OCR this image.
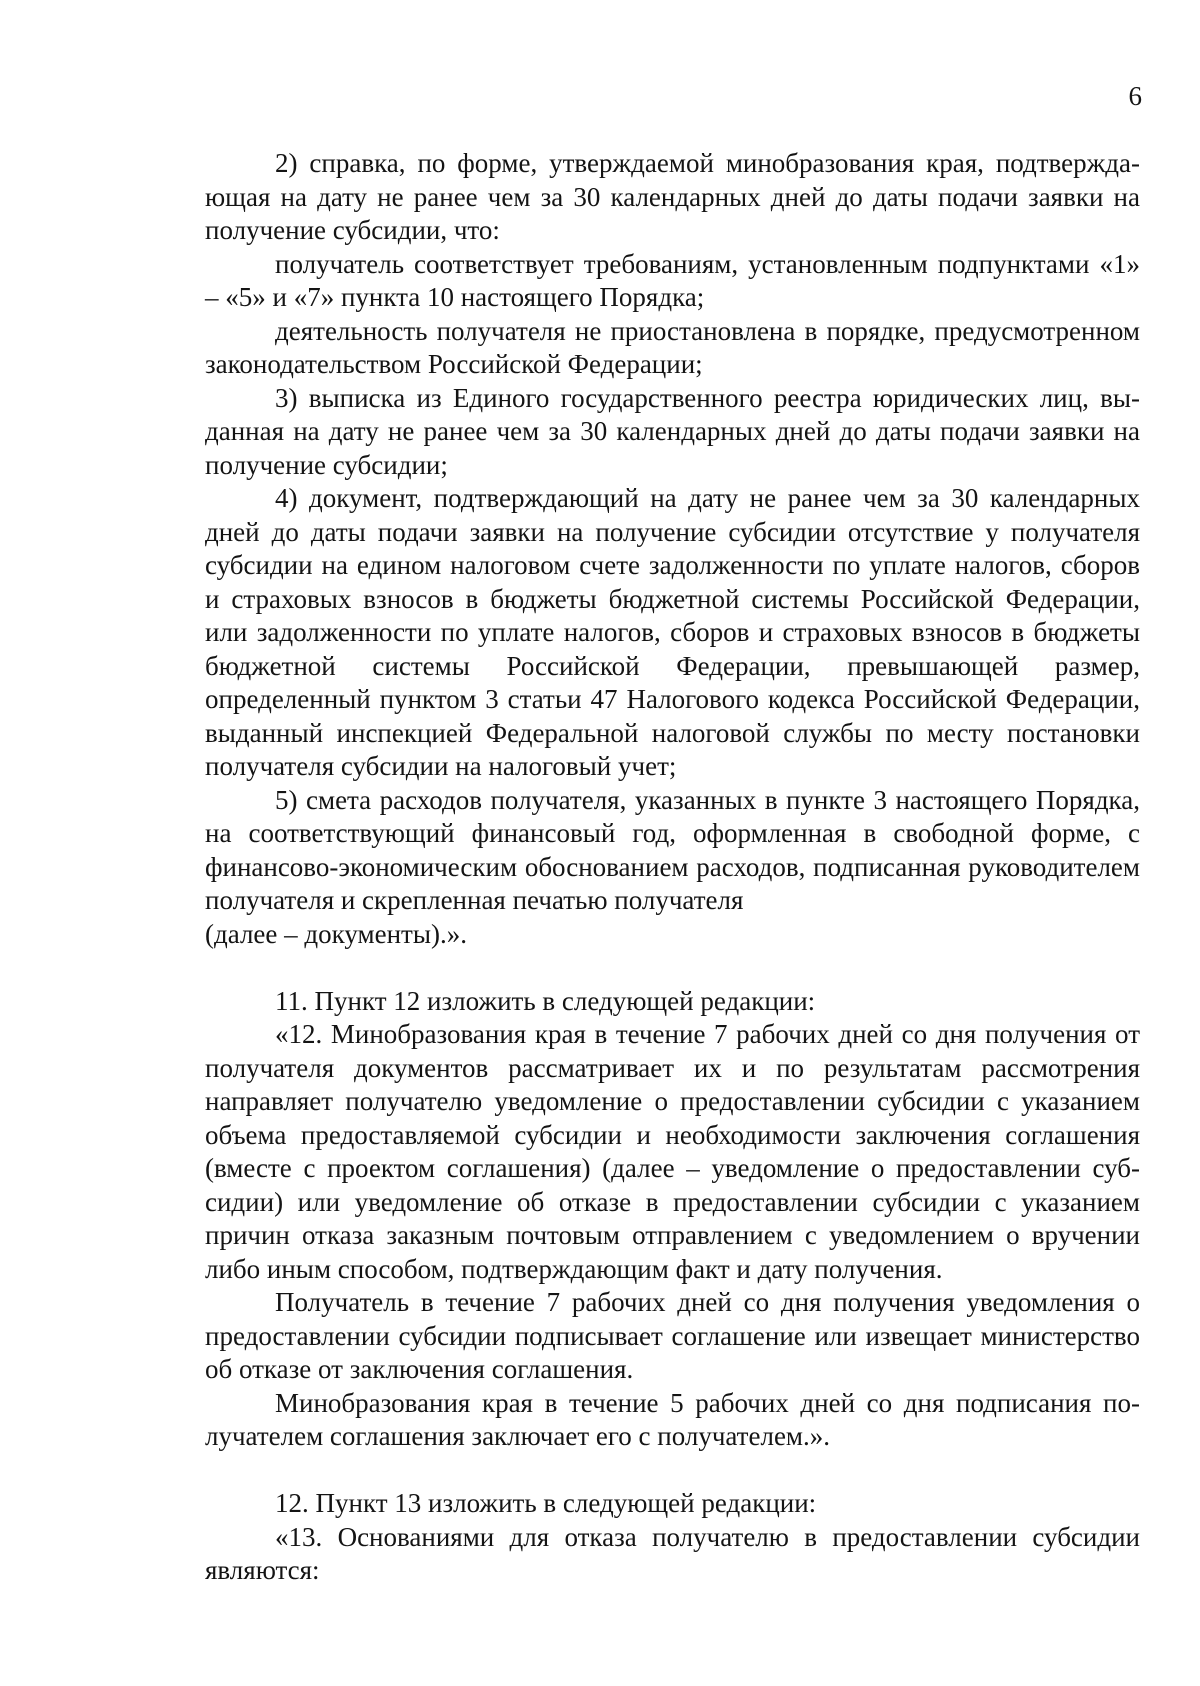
6

2) справка, по форме, утверждаемой минобразования края, подтверждающая на дату не ранее чем за 30 календарных дней до даты подачи заявки на получение субсидии, что:

получатель соответствует требованиям, установленным подпунктами «1» – «5» и «7» пункта 10 настоящего Порядка;

деятельность получателя не приостановлена в порядке, предусмотренном законодательством Российской Федерации;

3) выписка из Единого государственного реестра юридических лиц, выданная на дату не ранее чем за 30 календарных дней до даты подачи заявки на получение субсидии;

4) документ, подтверждающий на дату не ранее чем за 30 календарных дней до даты подачи заявки на получение субсидии отсутствие у получателя субсидии на едином налоговом счете задолженности по уплате налогов, сборов и страховых взносов в бюджеты бюджетной системы Российской Федерации, или задолженности по уплате налогов, сборов и страховых взносов в бюджеты бюджетной системы Российской Федерации, превышающей размер, определенный пунктом 3 статьи 47 Налогового кодекса Российской Федерации, выданный инспекцией Федеральной налоговой службы по месту постановки получателя субсидии на налоговый учет;

5) смета расходов получателя, указанных в пункте 3 настоящего Порядка, на соответствующий финансовый год, оформленная в свободной форме, с финансово-экономическим обоснованием расходов, подписанная руководителем получателя и скрепленная печатью получателя

(далее – документы).».

11. Пункт 12 изложить в следующей редакции:

«12. Минобразования края в течение 7 рабочих дней со дня получения от получателя документов рассматривает их и по результатам рассмотрения направляет получателю уведомление о предоставлении субсидии с указанием объема предоставляемой субсидии и необходимости заключения соглашения (вместе с проектом соглашения) (далее – уведомление о предоставлении субсидии) или уведомление об отказе в предоставлении субсидии с указанием причин отказа заказным почтовым отправлением с уведомлением о вручении либо иным способом, подтверждающим факт и дату получения.

Получатель в течение 7 рабочих дней со дня получения уведомления о предоставлении субсидии подписывает соглашение или извещает министерство об отказе от заключения соглашения.

Минобразования края в течение 5 рабочих дней со дня подписания получателем соглашения заключает его с получателем.».

12. Пункт 13 изложить в следующей редакции:

«13. Основаниями для отказа получателю в предоставлении субсидии являются:
